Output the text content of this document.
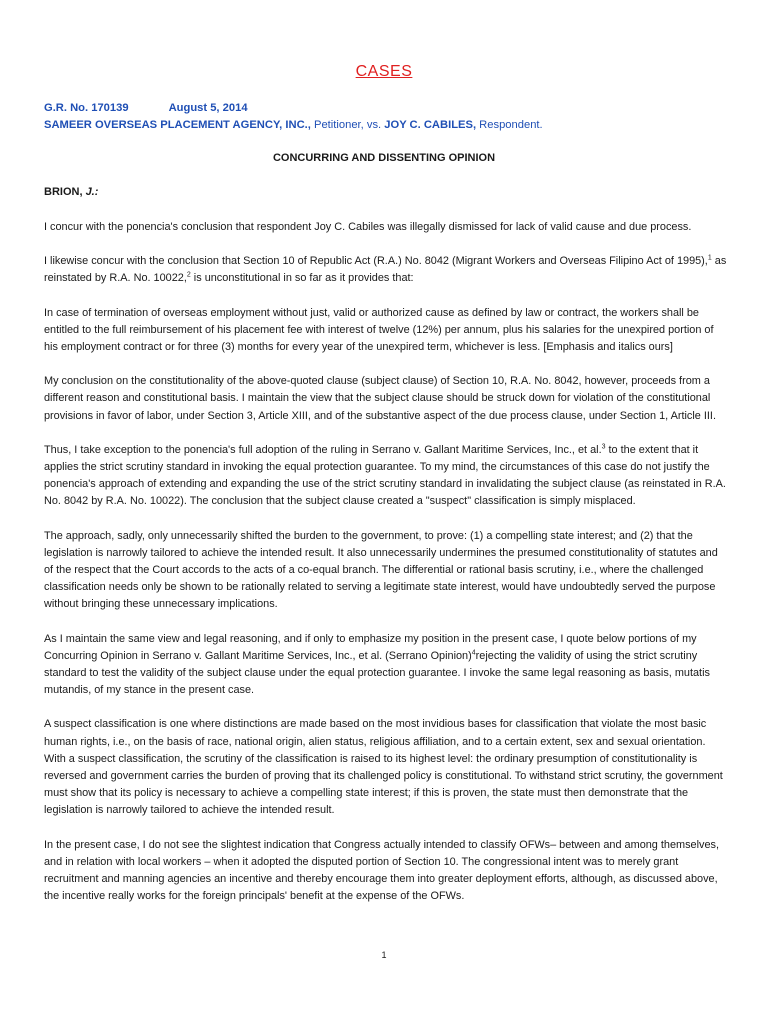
CASES
G.R. No. 170139	August 5, 2014
SAMEER OVERSEAS PLACEMENT AGENCY, INC., Petitioner, vs. JOY C. CABILES, Respondent.
CONCURRING AND DISSENTING OPINION
BRION, J.:

I concur with the ponencia's conclusion that respondent Joy C. Cabiles was illegally dismissed for lack of valid cause and due process.

I likewise concur with the conclusion that Section 10 of Republic Act (R.A.) No. 8042 (Migrant Workers and Overseas Filipino Act of 1995),$^1$ as reinstated by R.A. No. 10022,$^2$ is unconstitutional in so far as it provides that:

In case of termination of overseas employment without just, valid or authorized cause as defined by law or contract, the workers shall be entitled to the full reimbursement of his placement fee with interest of twelve (12%) per annum, plus his salaries for the unexpired portion of his employment contract or for three (3) months for every year of the unexpired term, whichever is less. [Emphasis and italics ours]

My conclusion on the constitutionality of the above-quoted clause (subject clause) of Section 10, R.A. No. 8042, however, proceeds from a different reason and constitutional basis. I maintain the view that the subject clause should be struck down for violation of the constitutional provisions in favor of labor, under Section 3, Article XIII, and of the substantive aspect of the due process clause, under Section 1, Article III.

Thus, I take exception to the ponencia's full adoption of the ruling in Serrano v. Gallant Maritime Services, Inc., et al.$^3$ to the extent that it applies the strict scrutiny standard in invoking the equal protection guarantee. To my mind, the circumstances of this case do not justify the ponencia's approach of extending and expanding the use of the strict scrutiny standard in invalidating the subject clause (as reinstated in R.A. No. 8042 by R.A. No. 10022). The conclusion that the subject clause created a "suspect" classification is simply misplaced.

The approach, sadly, only unnecessarily shifted the burden to the government, to prove: (1) a compelling state interest; and (2) that the legislation is narrowly tailored to achieve the intended result. It also unnecessarily undermines the presumed constitutionality of statutes and of the respect that the Court accords to the acts of a co-equal branch. The differential or rational basis scrutiny, i.e., where the challenged classification needs only be shown to be rationally related to serving a legitimate state interest, would have undoubtedly served the purpose without bringing these unnecessary implications.

As I maintain the same view and legal reasoning, and if only to emphasize my position in the present case, I quote below portions of my Concurring Opinion in Serrano v. Gallant Maritime Services, Inc., et al. (Serrano Opinion)$^4$rejecting the validity of using the strict scrutiny standard to test the validity of the subject clause under the equal protection guarantee. I invoke the same legal reasoning as basis, mutatis mutandis, of my stance in the present case.

A suspect classification is one where distinctions are made based on the most invidious bases for classification that violate the most basic human rights, i.e., on the basis of race, national origin, alien status, religious affiliation, and to a certain extent, sex and sexual orientation. With a suspect classification, the scrutiny of the classification is raised to its highest level: the ordinary presumption of constitutionality is reversed and government carries the burden of proving that its challenged policy is constitutional. To withstand strict scrutiny, the government must show that its policy is necessary to achieve a compelling state interest; if this is proven, the state must then demonstrate that the legislation is narrowly tailored to achieve the intended result.

In the present case, I do not see the slightest indication that Congress actually intended to classify OFWs– between and among themselves, and in relation with local workers – when it adopted the disputed portion of Section 10. The congressional intent was to merely grant recruitment and manning agencies an incentive and thereby encourage them into greater deployment efforts, although, as discussed above, the incentive really works for the foreign principals' benefit at the expense of the OFWs.

1
